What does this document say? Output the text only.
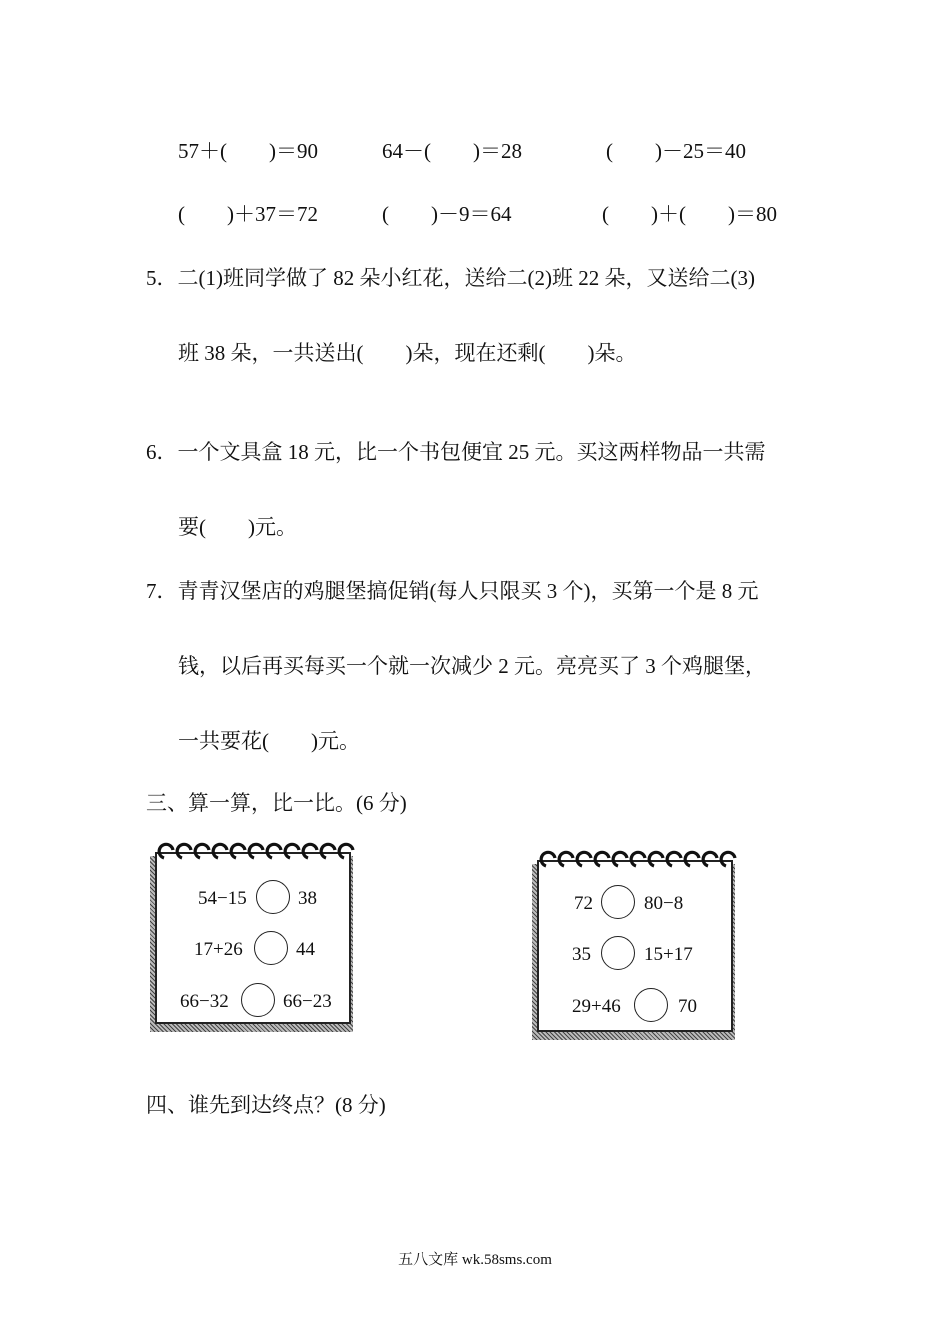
57＋(　　)＝90	64－(　　)＝28	(　　)－25＝40
(　　)＋37＝72	(　　)－9＝64	(　　)＋(　　)＝80
5．二(1)班同学做了 82 朵小红花，送给二(2)班 22 朵，又送给二(3)
班 38 朵，一共送出(　　)朵，现在还剩(　　)朵。
6．一个文具盒 18 元，比一个书包便宜 25 元。买这两样物品一共需
要(　　)元。
7．青青汉堡店的鸡腿堡搞促销(每人只限买 3 个)，买第一个是 8 元
钱，以后再买每买一个就一次减少 2 元。亮亮买了 3 个鸡腿堡，
一共要花(　　)元。
三、算一算，比一比。(6 分)
54−15	38
17+26	44
66−32	66−23
72	80−8
35	15+17
29+46	70
四、谁先到达终点？(8 分)
五八文库 wk.58sms.com
